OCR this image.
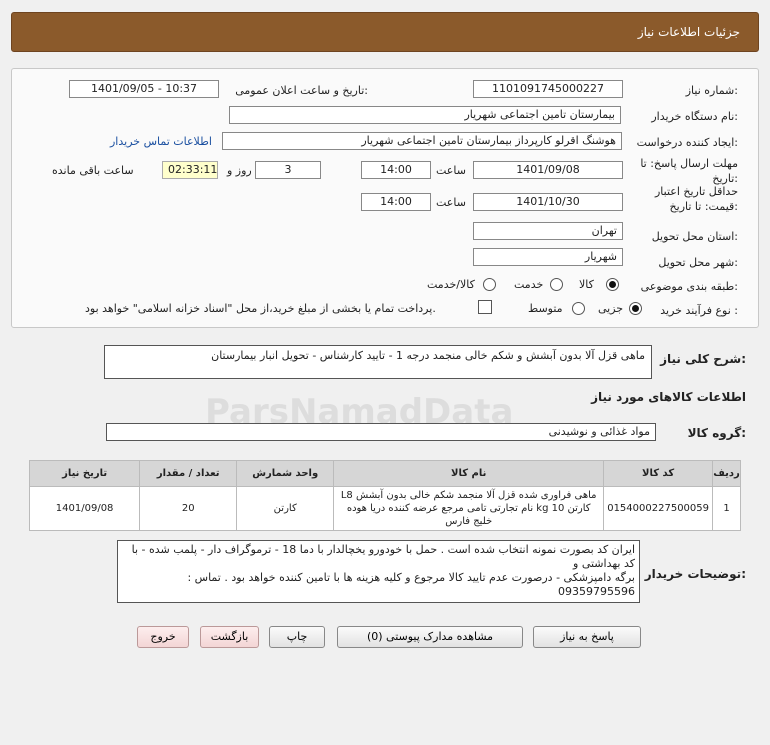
جزئیات اطلاعات نیاز
شماره نیاز:
1101091745000227
تاریخ و ساعت اعلان عمومی:
1401/09/05 - 10:37
نام دستگاه خریدار:
بیمارستان تامین اجتماعی شهریار
ایجاد کننده درخواست:
هوشنگ اقرلو کارپرداز بیمارستان تامین اجتماعی شهریار
اطلاعات تماس خریدار
مهلت ارسال پاسخ: تا
تاریخ:
1401/09/08
ساعت
14:00
3
روز و
02:33:11
ساعت باقی مانده
حداقل تاریخ اعتبار
قیمت: تا تاریخ:
1401/10/30
ساعت
14:00
استان محل تحویل:
تهران
شهر محل تحویل:
شهریار
طبقه بندی موضوعی:
کالا
خدمت
کالا/خدمت
نوع فرآیند خرید :
جزیی
متوسط
پرداخت تمام یا بخشی از مبلغ خرید،از محل "اسناد خزانه اسلامی" خواهد بود.
شرح کلی نیاز:
ماهی قزل آلا بدون آبشش و شکم خالی منجمد درجه 1 - تایید کارشناس - تحویل انبار بیمارستان
اطلاعات کالاهای مورد نیاز
گروه کالا:
مواد غذائی و نوشیدنی
ردیف	کد کالا	نام کالا	واحد شمارش	تعداد / مقدار	تاریخ نیاز
1	0154000227500059	ماهی فراوری شده قزل آلا منجمد شکم خالی بدون آبشش L8 کارتن 10 kg نام تجارتی تامی مرجع عرضه کننده دریا هوده خلیج فارس	کارتن	20	1401/09/08
توضیحات خریدار:
ایران کد بصورت نمونه انتخاب شده است . حمل با خودورو یخچالدار با دما 18 - ترموگراف دار - پلمب شده - با کد بهداشتی و
برگه دامپزشکی - درصورت عدم تایید کالا مرجوع و کلیه هزینه ها با تامین کننده خواهد بود . تماس :
09359795596
پاسخ به نیاز
مشاهده مدارک پیوستی (0)
چاپ
بازگشت
خروج
ParsNamadData
